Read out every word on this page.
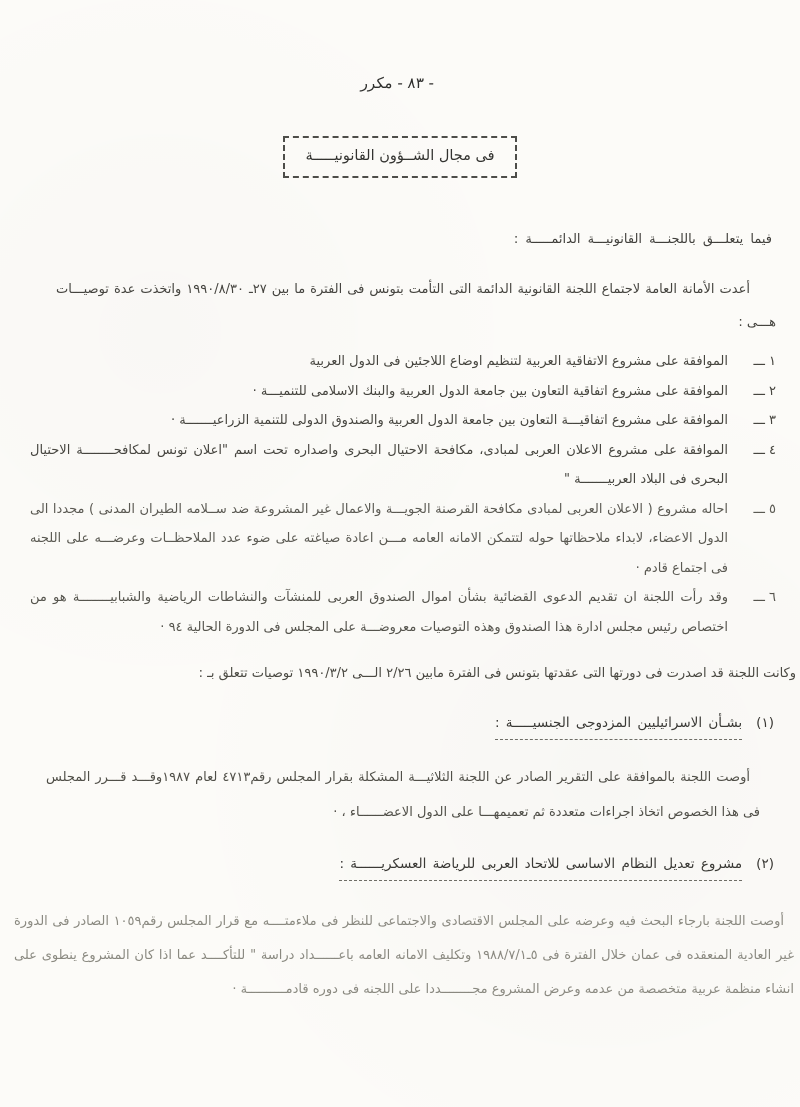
- ٨٣ - مكرر
فى مجال الشــؤون القانونيـــــة
فيما يتعلـــق باللجنـــة القانونيـــة الدائمـــــة :
أعدت الأمانة العامة لاجتماع اللجنة القانونية الدائمة التى التأمت بتونس فى الفترة ما بين ٢٧ـ ١٩٩٠/٨/٣٠ واتخذت عدة توصيـــات هـــى :
١ ـــ
الموافقة على مشروع الاتفاقية العربية لتنظيم اوضاع اللاجئين فى الدول العربية
٢ ـــ
الموافقة على مشروع اتفاقية التعاون بين جامعة الدول العربية والبنك الاسلامى للتنميـــة ·
٣ ـــ
الموافقة على مشروع اتفاقيـــة التعاون بين جامعة الدول العربية والصندوق الدولى للتنمية الزراعيـــــــة ·
٤ ـــ
الموافقة على مشروع الاعلان العربى لمبادى، مكافحة الاحتيال البحرى واصداره تحت اسم "اعلان تونس لمكافحــــــــة الاحتيال البحرى فى البلاد العربيـــــــة "
٥ ـــ
احاله مشروع ( الاعلان العربى لمبادى مكافحة القرصنة الجويـــة والاعمال غير المشروعة ضد ســلامه الطيران المدنى ) مجددا الى الدول الاعضاء، لابداء ملاحظاتها حوله لتتمكن الامانه العامه مـــن اعادة صياغته على ضوء عدد الملاحظــات وعرضـــه على اللجنه فى اجتماع قادم ·
٦ ـــ
وقد رأت اللجنة ان تقديم الدعوى القضائية بشأن اموال الصندوق العربى للمنشآت والنشاطات الرياضية والشبابيــــــــة هو من اختصاص رئيس مجلس ادارة هذا الصندوق وهذه التوصيات معروضـــة على المجلس فى الدورة الحالية ٩٤ ·
وكانت اللجنة قد اصدرت فى دورتها التى عقدتها بتونس فى الفترة مابين ٢/٢٦ الـــى ١٩٩٠/٣/٢ توصيات تتعلق بـ :
(١)
بشـأن الاسرائيليين المزدوجى الجنسيـــــة :
أوصت اللجنة بالموافقة على التقرير الصادر عن اللجنة الثلاثيـــة المشكلة بقرار المجلس رقم٤٧١٣ لعام ١٩٨٧وقـــد قـــرر المجلس فى هذا الخصوص اتخاذ اجراءات متعددة ثم تعميمهـــا على الدول الاعضــــــاء ، ·
(٢)
مشروع تعديل النظام الاساسى للاتحاد العربى للرياضة العسكريــــــة :
أوصت اللجنة بارجاء البحث فيه وعرضه على المجلس الاقتصادى والاجتماعى للنظر فى ملاءمتــــه مع قرار المجلس رقم١٠٥٩ الصادر فى الدورة غير العادية المنعقده فى عمان خلال الفترة فى ٥ـ١٩٨٨/٧/١ وتكليف الامانه العامه باعــــــداد دراسة " للتأكــــد عما اذا كان المشروع ينطوى على انشاء منظمة عربية متخصصة من عدمه وعرض المشروع مجــــــــددا على اللجنه فى دوره قادمــــــــــة ·
